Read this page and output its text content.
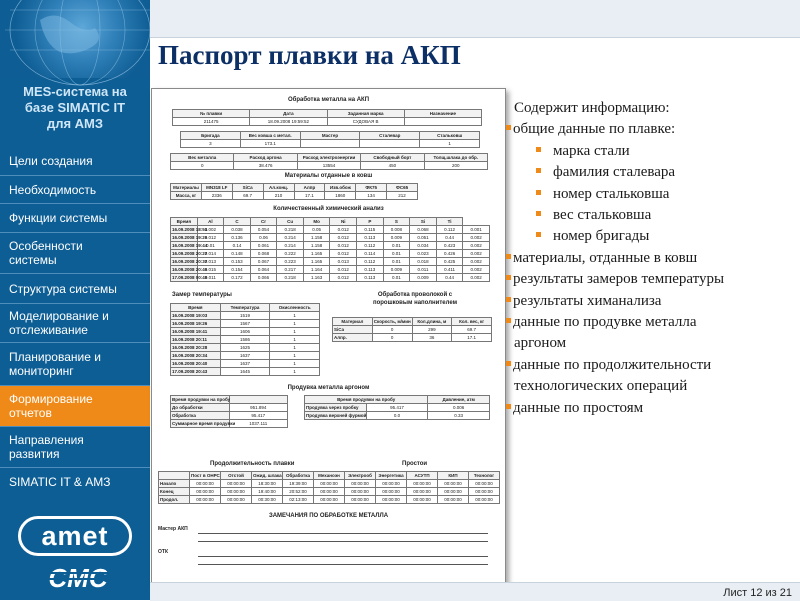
MES-система на
базе SIMATIC IT
для АМЗ
Цели создания
Необходимость
Функции системы
Особенности
системы
Структура системы
Моделирование и
отслеживание
Планирование и
мониторинг
Формирование
отчетов
Направления
развития
SIMATIC IT & АМЗ
amet
CMC
Паспорт плавки на АКП
Обработка металла на АКП
№ плавки	Дата	Заданная марка	Назначение
211475	18.09.2008 19:59:52	СУДОВАЯ В	
Бригада	Вес ковша с метал.	Мастер	Сталевар	Стальковш
3	173.1			1
Вес металла	Расход аргона	Расход электроэнергии	Свободный борт	Толщ.шлака до обр.
0	38.476	13554	450	200
Материалы отданные в ковш
Материалы	MN318 LF	SiCa	Ал.конц.	Алпр	Изв.обож	ФК75	ФС65
Масса, кг	2336	69.7	210	17.1	1860	134	212
Количественный химический анализ
Время	Al	C	Cr	Cu	Mo	Ni	P	S	Si	Ti	
16.09.2008 18:51	0.002	0.038	0.054	0.218	0.05	0.012	0.115	0.008	0.068	0.112	0.001
16.09.2008 19:26	0.012	0.136	0.06	0.214	1.158	0.012	0.113	0.009	0.051	0.44	0.002
16.09.2008 19:44	0.01	0.14	0.061	0.214	1.158	0.012	0.112	0.01	0.034	0.423	0.002
16.09.2008 20:27	0.014	0.148	0.068	0.222	1.165	0.012	0.114	0.01	0.023	0.426	0.002
16.09.2008 20:37	0.013	0.153	0.067	0.223	1.165	0.013	0.112	0.01	0.018	0.425	0.002
16.09.2008 20:46	0.015	0.154	0.064	0.217	1.164	0.012	0.113	0.009	0.011	0.411	0.002
17.09.2008 00:48	0.011	0.172	0.066	0.218	1.163	0.012	0.113	0.01	0.009	0.44	0.002
Замер температуры
Время	Температура	Окисленность
16.09.2008 19:03	1519	1
16.09.2008 19:26	1567	1
16.09.2008 19:41	1606	1
16.09.2008 20:11	1586	1
16.09.2008 20:28	1625	1
16.09.2008 20:34	1637	1
16.09.2008 20:40	1637	1
17.09.2008 20:43	1645	1
Обработка проволокой с
порошковым наполнителем
Материал	Скорость, м/мин	Кол.длина, м	Кол. вес, кг
SiCa	0	299	69.7
Алпр.	0	36	17.1
Продувка металла аргоном
Время продувки на пробу	
До обработки	951.894
Обработка	95.417
Суммарное время продувки	1037.111
Время продувки на пробу		Давление, атм
Продувка через пробку	95.417	0.006
Продувка верхней фурмой	0.0	0.33
Продолжительность плавки	Простои
	Пост в ОНРС	Отстой	Ожид. шлака	Обработка	Механоэн	Электрооб	Энергетика	АСУТП	КИП	Технолог
Начало	00:00:00	00:00:00	18:30:00	19:39:00	00:00:00	00:00:00	00:00:00	00:00:00	00:00:00	00:00:00
Конец	00:00:00	00:00:00	19:40:00	20:52:00	00:00:00	00:00:00	00:00:00	00:00:00	00:00:00	00:00:00
Продол.	00:00:00	00:00:00	00:30:00	02:13:00	00:00:00	00:00:00	00:00:00	00:00:00	00:00:00	00:00:00
ЗАМЕЧАНИЯ ПО ОБРАБОТКЕ МЕТАЛЛА
Мастер АКП
ОТК
Содержит информацию:
общие данные по плавке:
марка стали
фамилия сталевара
номер стальковша
вес стальковша
номер бригады
материалы, отданные в ковш
результаты замеров температуры
результаты химанализа
данные по продувке металла
аргоном
данные по продолжительности
технологических операций
данные по простоям
Лист 12 из 21
